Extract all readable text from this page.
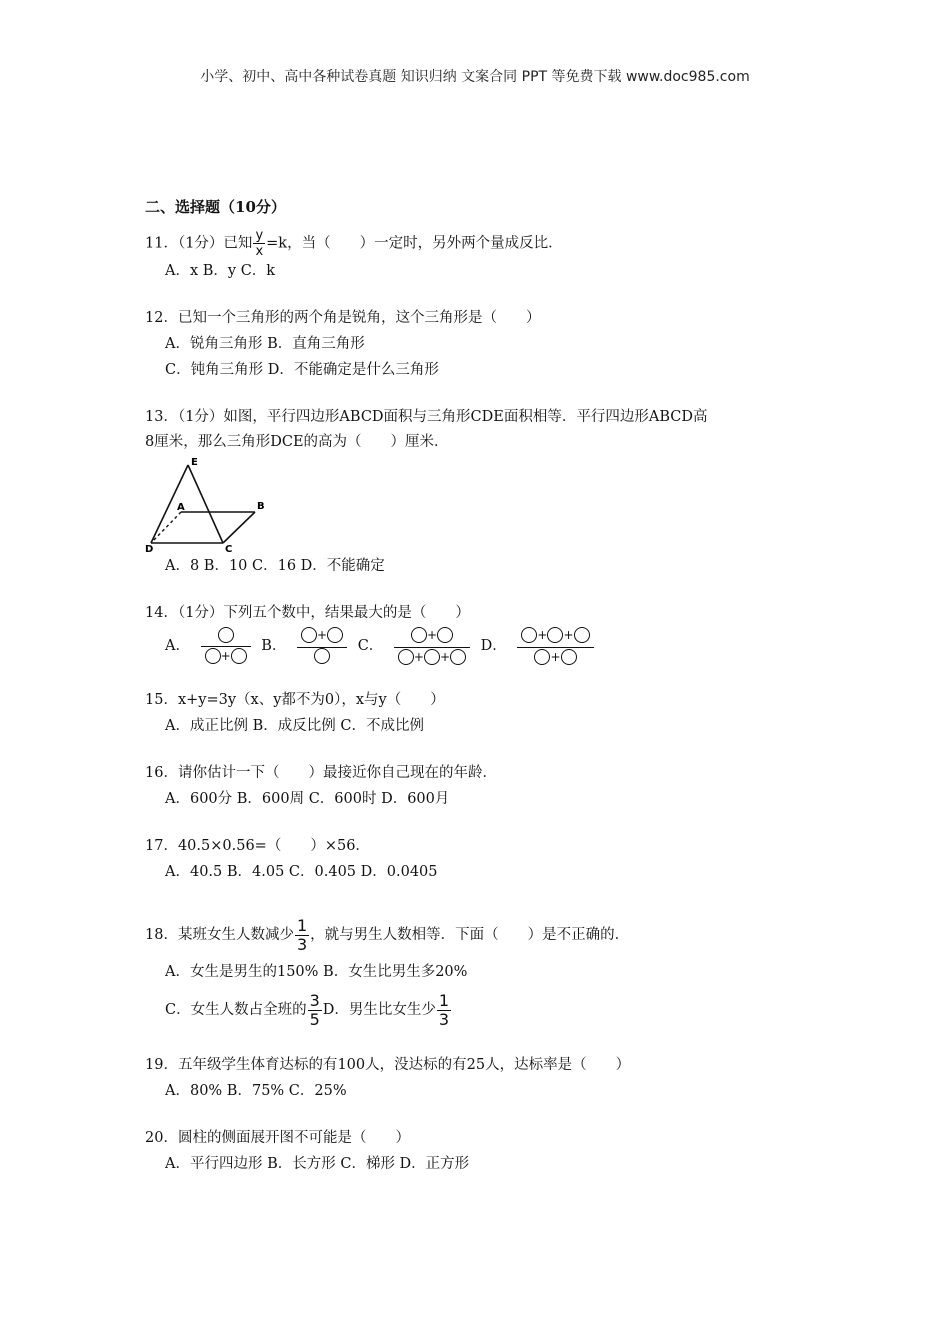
小学、初中、高中各种试卷真题 知识归纳 文案合同 PPT 等免费下载 www.doc985.com
二、选择题（10分）
11．（1分）已知 $\frac{y}{x} =k$，当（　　）一定时，另外两个量成反比．
A．x B．y C．k
12．已知一个三角形的两个角是锐角，这个三角形是（　　）
A．锐角三角形 B．直角三角形
C．钝角三角形 D．不能确定是什么三角形
13．（1分）如图，平行四边形ABCD面积与三角形CDE面积相等．平行四边形ABCD高
8厘米，那么三角形DCE的高为（　　）厘米．
E
A	B
C
D
A．8 B．10 C．16 D．不能确定
14．（1分）下列五个数中，结果最大的是（　　）
A．
+
B．
+
C．
+
+ +
D．
+ +
+
15．x+y=3y（x、y都不为0），x与y（　　）
A．成正比例 B．成反比例 C．不成比例
16．请你估计一下（　　）最接近你自己现在的年龄．
A．600分 B．600周 C．600时 D．600月
17．40.5×0.56=（　　）×56．
A．40.5 B．4.05 C．0.405 D．0.0405
18．某班女生人数减少 $\frac{1}{3}$ ，就与男生人数相等．下面（　　）是不正确的．
A．女生是男生的150% B．女生比男生多20%
C．女生人数占全班的 $\frac{3}{5}$ D．男生比女生少 $\frac{1}{3}$
19．五年级学生体育达标的有100人，没达标的有25人，达标率是（　　）
A．80% B．75% C．25%
20．圆柱的侧面展开图不可能是（　　）
A．平行四边形 B．长方形 C．梯形 D．正方形
